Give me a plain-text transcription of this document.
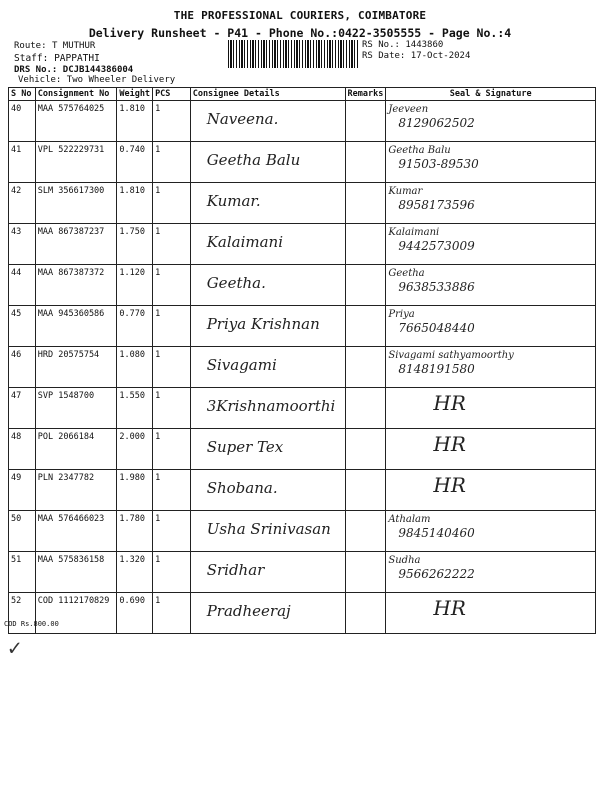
THE PROFESSIONAL COURIERS, COIMBATORE
Delivery Runsheet - P41 - Phone No.:0422-3505555 - Page No.:4
Route: T MUTHUR
Staff: PAPPATHI
DRS No.: DCJB144386004
Vehicle: Two Wheeler Delivery
RS No.: 1443860
RS Date: 17-Oct-2024
S No	Consignment No	Weight	PCS	Consignee Details	Remarks	Seal & Signature
40	MAA 575764025	1.810	1	Naveena.		Jeeveen
8129062502

41	VPL 522229731	0.740	1	Geetha Balu		Geetha Balu
91503-89530

42	SLM 356617300	1.810	1	Kumar.		Kumar
8958173596

43	MAA 867387237	1.750	1	Kalaimani		Kalaimani
9442573009

44	MAA 867387372	1.120	1	Geetha.		Geetha
9638533886

45	MAA 945360586	0.770	1	Priya Krishnan		Priya
7665048440

46	HRD 20575754	1.080	1	Sivagami		Sivagami sathyamoorthy
8148191580

47	SVP 1548700	1.550	1	3Krishnamoorthi		HR

48	POL 2066184	2.000	1	Super Tex		HR

49	PLN 2347782	1.980	1	Shobana.		HR

50	MAA 576466023	1.780	1	Usha Srinivasan		Athalam
9845140460

51	MAA 575836158	1.320	1	Sridhar		Sudha
9566262222

52	COD 1112170829	0.690	1	Pradheeraj		HR
COD Rs.800.00
✓
